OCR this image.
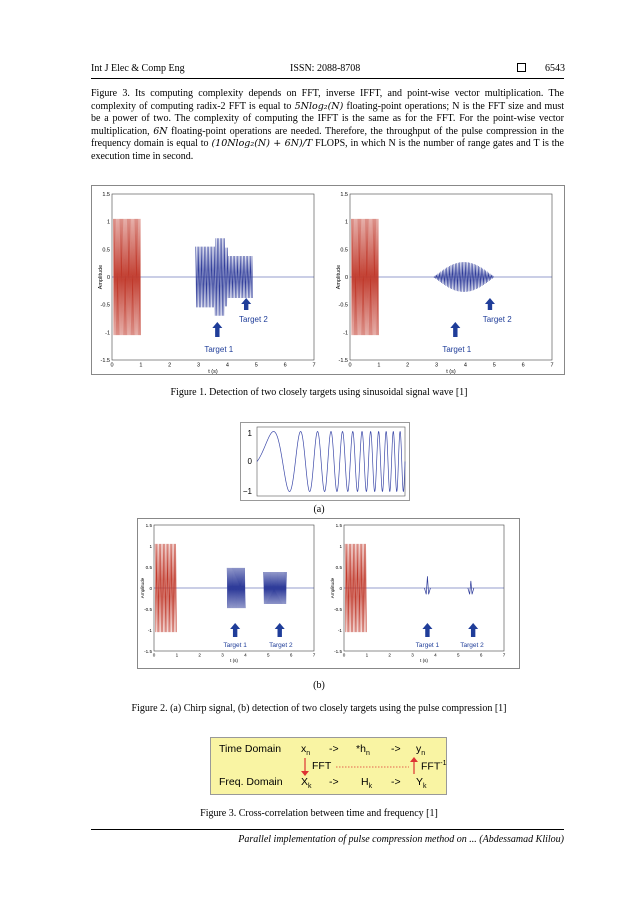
Int J Elec & Comp Eng	ISSN: 2088-8708	6543

Figure 3. Its computing complexity depends on FFT, inverse IFFT, and point-wise vector multiplication. The complexity of computing radix-2 FFT is equal to 5Nlog₂(N) floating-point operations; N is the FFT size and must be a power of two. The complexity of computing the IFFT is the same as for the FFT. For the point-wise vector multiplication, 6N floating-point operations are needed. Therefore, the throughput of the pulse compression in the frequency domain is equal to (10Nlog₂(N) + 6N)/T FLOPS, in which N is the number of range gates and T is the execution time in second.

1.5
1
0.5
0
-0.5
-1
-1.5
0	1	2	3	4	5	6	7
t (s)
Amplitude
Target 1
Target 2
1.5
1
0.5
0
-0.5
-1
-1.5
0	1	2	3	4	5	6	7
t (s)
Amplitude
Target 1
Target 2
Figure 1. Detection of two closely targets using sinusoidal signal wave [1]
1
0
−1
(a)
1.5
1
0.5
0
-0.5
-1
-1.5
0	1	2	3	4	5	6	7
t (s)
Amplitude
Target 1	Target 2
1.5
1
0.5
0
-0.5
-1
-1.5
0	1	2	3	4	5	6	7
t (s)
Amplitude
Target 1	Target 2
(b)
Figure 2. (a) Chirp signal, (b) detection of two closely targets using the pulse compression [1]
Time Domain
Freq. Domain
$x_n -> *h_n -> y_n$
$X_k -> H_k -> Y_k$
FFT	$FFT^{-1}$
Figure 3. Cross-correlation between time and frequency [1]
Parallel implementation of pulse compression method on ... (Abdessamad Klilou)
